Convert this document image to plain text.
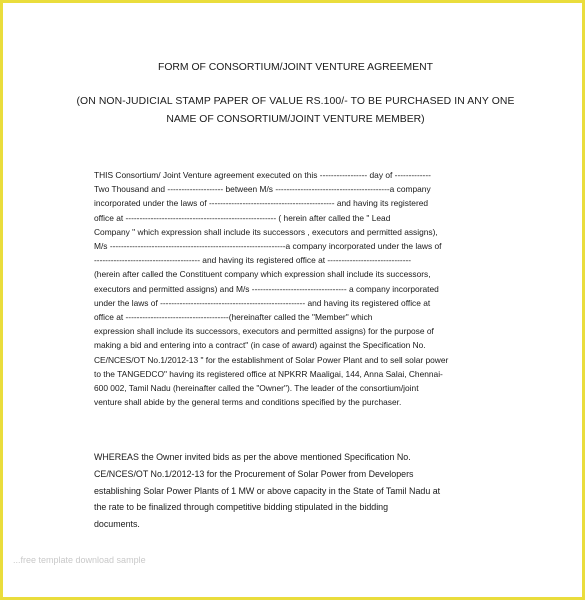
FORM OF CONSORTIUM/JOINT VENTURE AGREEMENT
(ON NON-JUDICIAL STAMP PAPER OF VALUE RS.100/- TO BE PURCHASED IN ANY ONE
NAME OF CONSORTIUM/JOINT VENTURE MEMBER)
THIS Consortium/ Joint Venture agreement executed on this ----------------- day of -------------
Two Thousand and -------------------- between M/s -----------------------------------------a company
incorporated under the laws of --------------------------------------------- and having its registered
office at ------------------------------------------------------ ( herein after called the " Lead
Company " which expression shall include its successors , executors and permitted assigns),
M/s ---------------------------------------------------------------a company incorporated under the laws of
-------------------------------------- and having its registered office at ------------------------------
(herein after called the Constituent company which expression shall include its successors,
executors and permitted assigns) and M/s ---------------------------------- a company incorporated
under the laws of ---------------------------------------------------- and having its registered office at
office at -------------------------------------(hereinafter called the "Member" which
expression shall include its successors, executors and permitted assigns) for the purpose of
making a bid and entering into a contract" (in case of award) against the Specification No.
CE/NCES/OT No.1/2012-13 " for the establishment of Solar Power Plant and to sell solar power
to the TANGEDCO" having its registered office at NPKRR Maaligai, 144, Anna Salai, Chennai-
600 002, Tamil Nadu (hereinafter called the "Owner"). The leader of the consortium/joint
venture shall abide by the general terms and conditions specified by the purchaser.
WHEREAS the Owner invited bids as per the above mentioned Specification No.
CE/NCES/OT No.1/2012-13 for the Procurement of Solar Power from Developers
establishing Solar Power Plants of 1 MW or above capacity in the State of Tamil Nadu at
the rate to be finalized through competitive bidding stipulated in the bidding
documents.
...free template download sample
